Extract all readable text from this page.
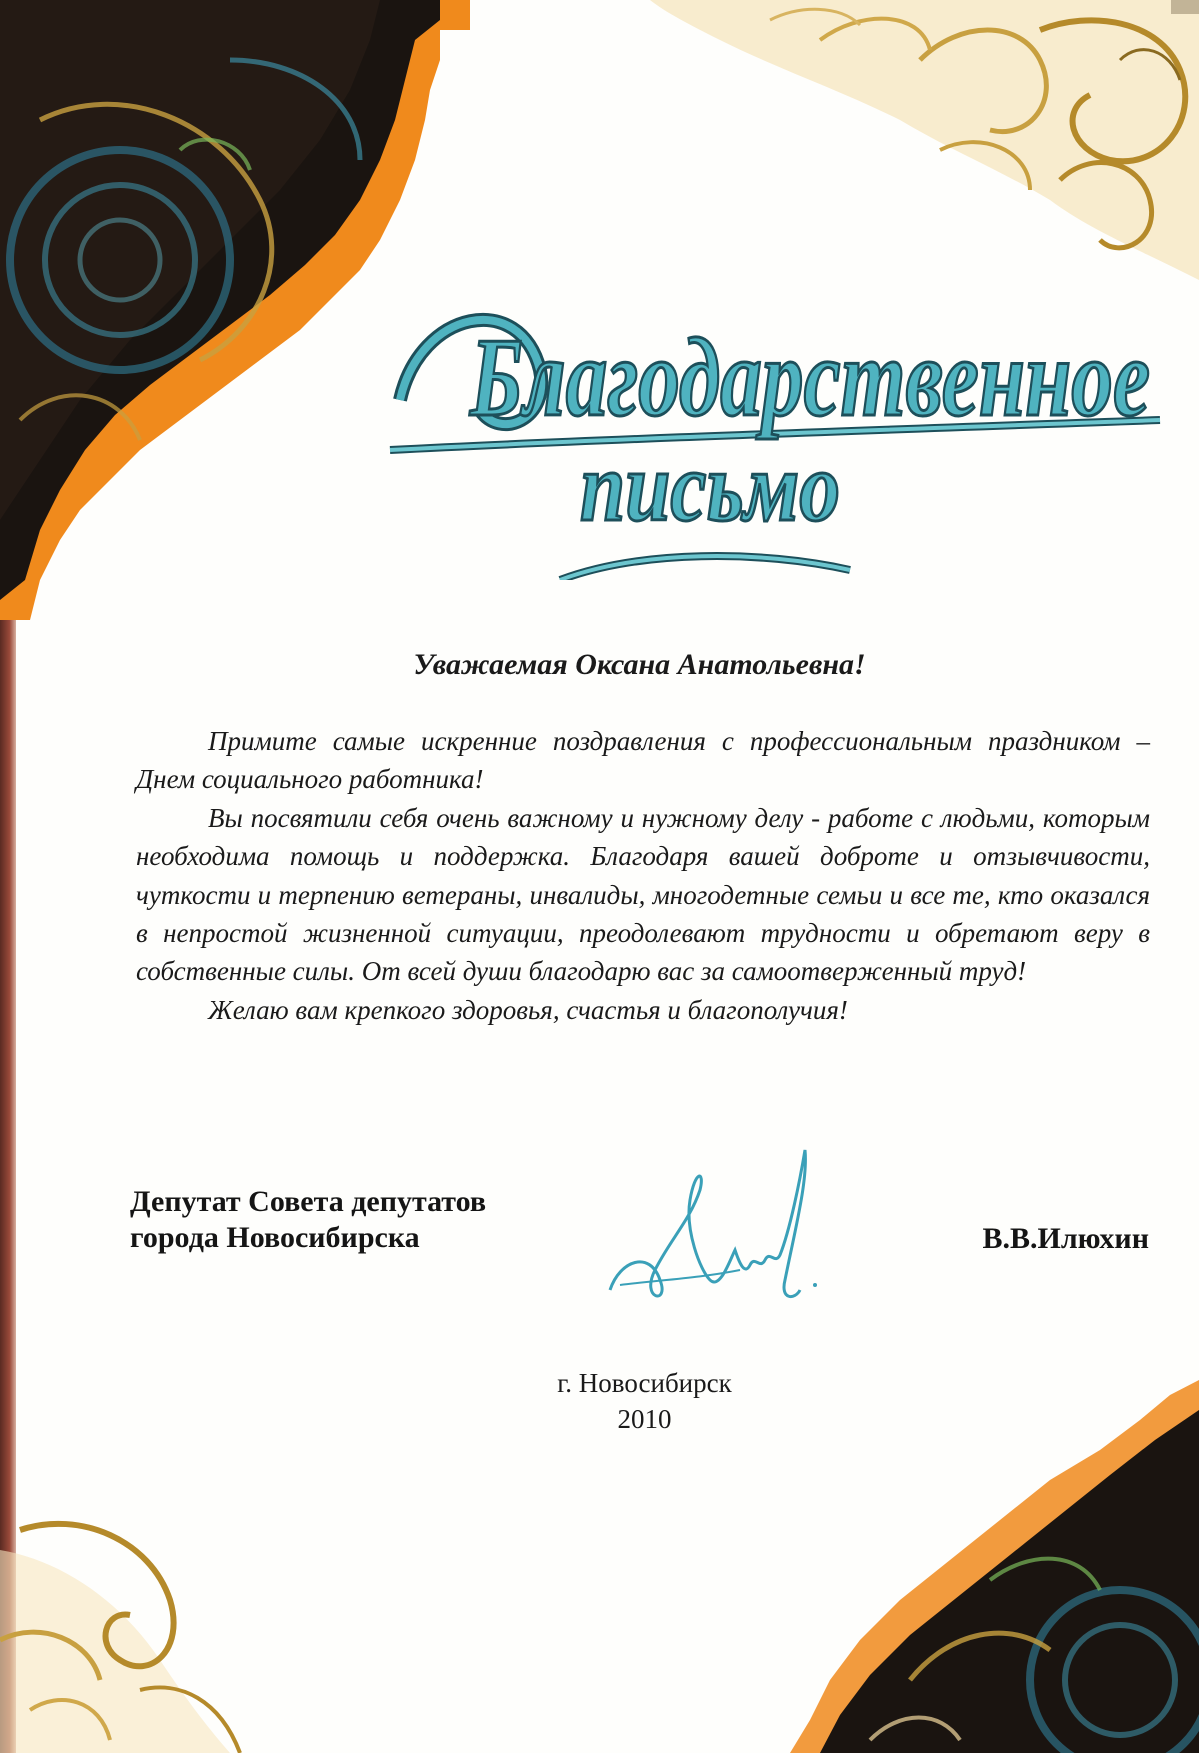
Благодарственное
письмо
Уважаемая Оксана Анатольевна!

Примите самые искренние поздравления с профессиональным праздником – Днем социального работника!

Вы посвятили себя очень важному и нужному делу - работе с людьми, которым необходима помощь и поддержка. Благодаря вашей доброте и отзывчивости, чуткости и терпению ветераны, инвалиды, многодетные семьи и все те, кто оказался в непростой жизненной ситуации, преодолевают трудности и обретают веру в собственные силы. От всей души благодарю вас за самоотверженный труд!

Желаю вам крепкого здоровья, счастья и благополучия!

Депутат Совета депутатов
города Новосибирска	В.В.Илюхин
г. Новосибирск
2010
